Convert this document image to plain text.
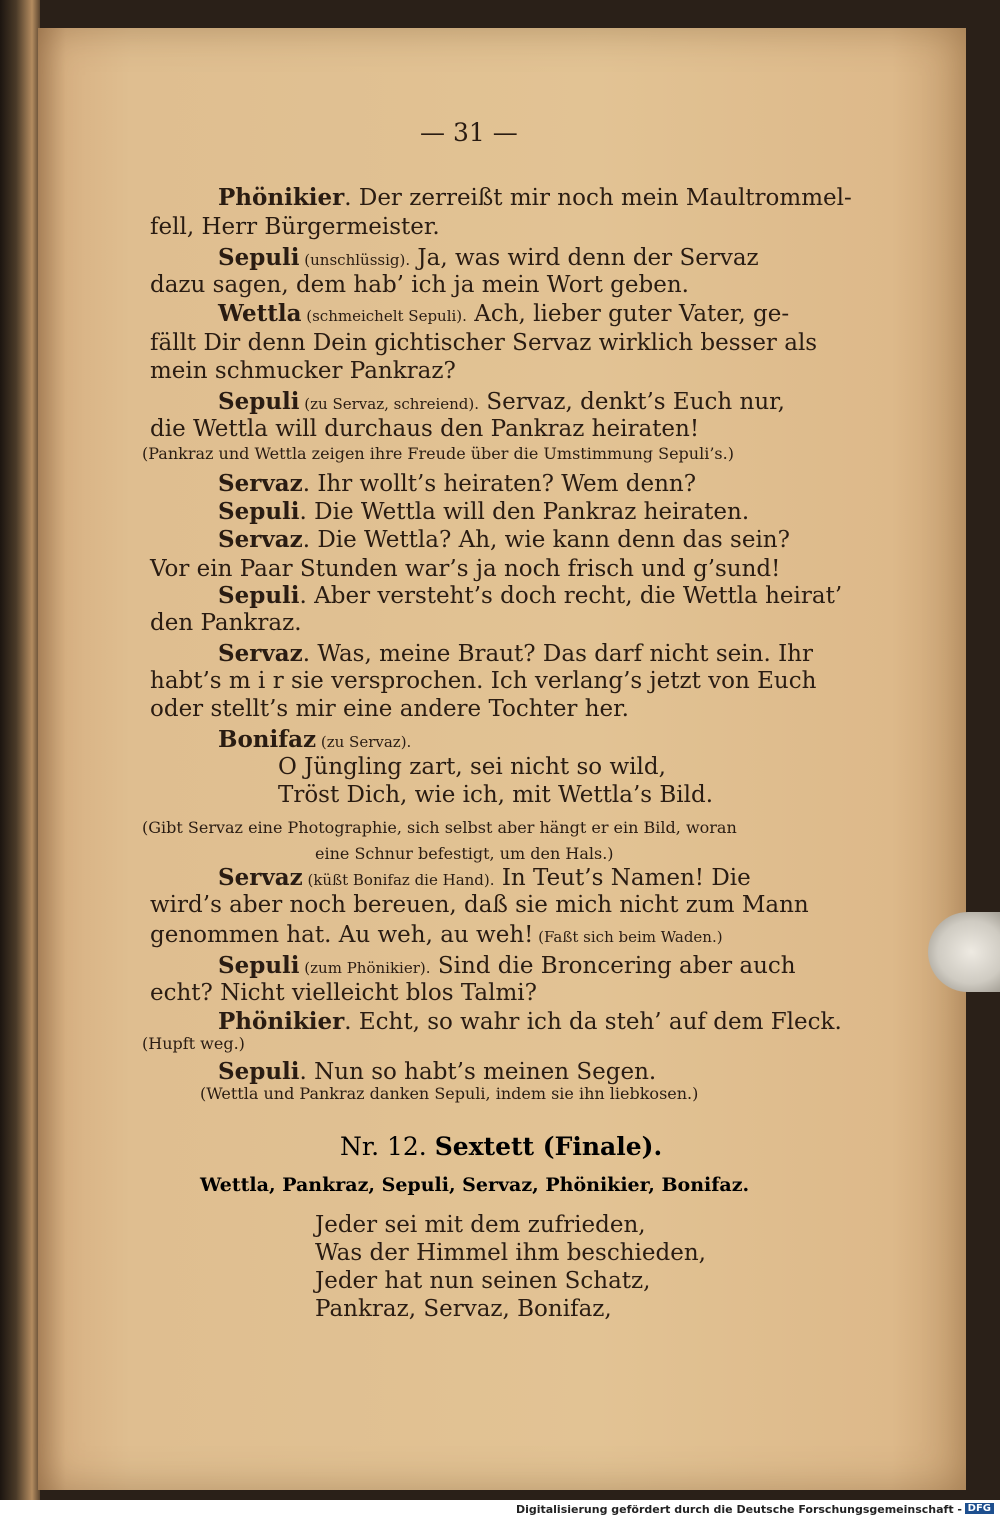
— 31 —
Phönikier. Der zerreißt mir noch mein Maultrommel-
fell, Herr Bürgermeister.
Sepuli (unschlüssig). Ja, was wird denn der Servaz
dazu sagen, dem hab’ ich ja mein Wort geben.
Wettla (schmeichelt Sepuli). Ach, lieber guter Vater, ge-
fällt Dir denn Dein gichtischer Servaz wirklich besser als
mein schmucker Pankraz?
Sepuli (zu Servaz, schreiend). Servaz, denkt’s Euch nur,
die Wettla will durchaus den Pankraz heiraten!
(Pankraz und Wettla zeigen ihre Freude über die Umstimmung Sepuli’s.)
Servaz. Ihr wollt’s heiraten? Wem denn?
Sepuli. Die Wettla will den Pankraz heiraten.
Servaz. Die Wettla? Ah, wie kann denn das sein?
Vor ein Paar Stunden war’s ja noch frisch und g’sund!
Sepuli. Aber versteht’s doch recht, die Wettla heirat’
den Pankraz.
Servaz. Was, meine Braut? Das darf nicht sein. Ihr
habt’s m i r sie versprochen. Ich verlang’s jetzt von Euch
oder stellt’s mir eine andere Tochter her.
Bonifaz (zu Servaz).
O Jüngling zart, sei nicht so wild,
Tröst Dich, wie ich, mit Wettla’s Bild.
(Gibt Servaz eine Photographie, sich selbst aber hängt er ein Bild, woran
eine Schnur befestigt, um den Hals.)
Servaz (küßt Bonifaz die Hand). In Teut’s Namen! Die
wird’s aber noch bereuen, daß sie mich nicht zum Mann
genommen hat. Au weh, au weh! (Faßt sich beim Waden.)
Sepuli (zum Phönikier). Sind die Broncering aber auch
echt? Nicht vielleicht blos Talmi?
Phönikier. Echt, so wahr ich da steh’ auf dem Fleck.
(Hupft weg.)
Sepuli. Nun so habt’s meinen Segen.
(Wettla und Pankraz danken Sepuli, indem sie ihn liebkosen.)
Nr. 12. Sextett (Finale).
Wettla, Pankraz, Sepuli, Servaz, Phönikier, Bonifaz.
Jeder sei mit dem zufrieden,
Was der Himmel ihm beschieden,
Jeder hat nun seinen Schatz,
Pankraz, Servaz, Bonifaz,
Digitalisierung gefördert durch die Deutsche Forschungsgemeinschaft - DFG
